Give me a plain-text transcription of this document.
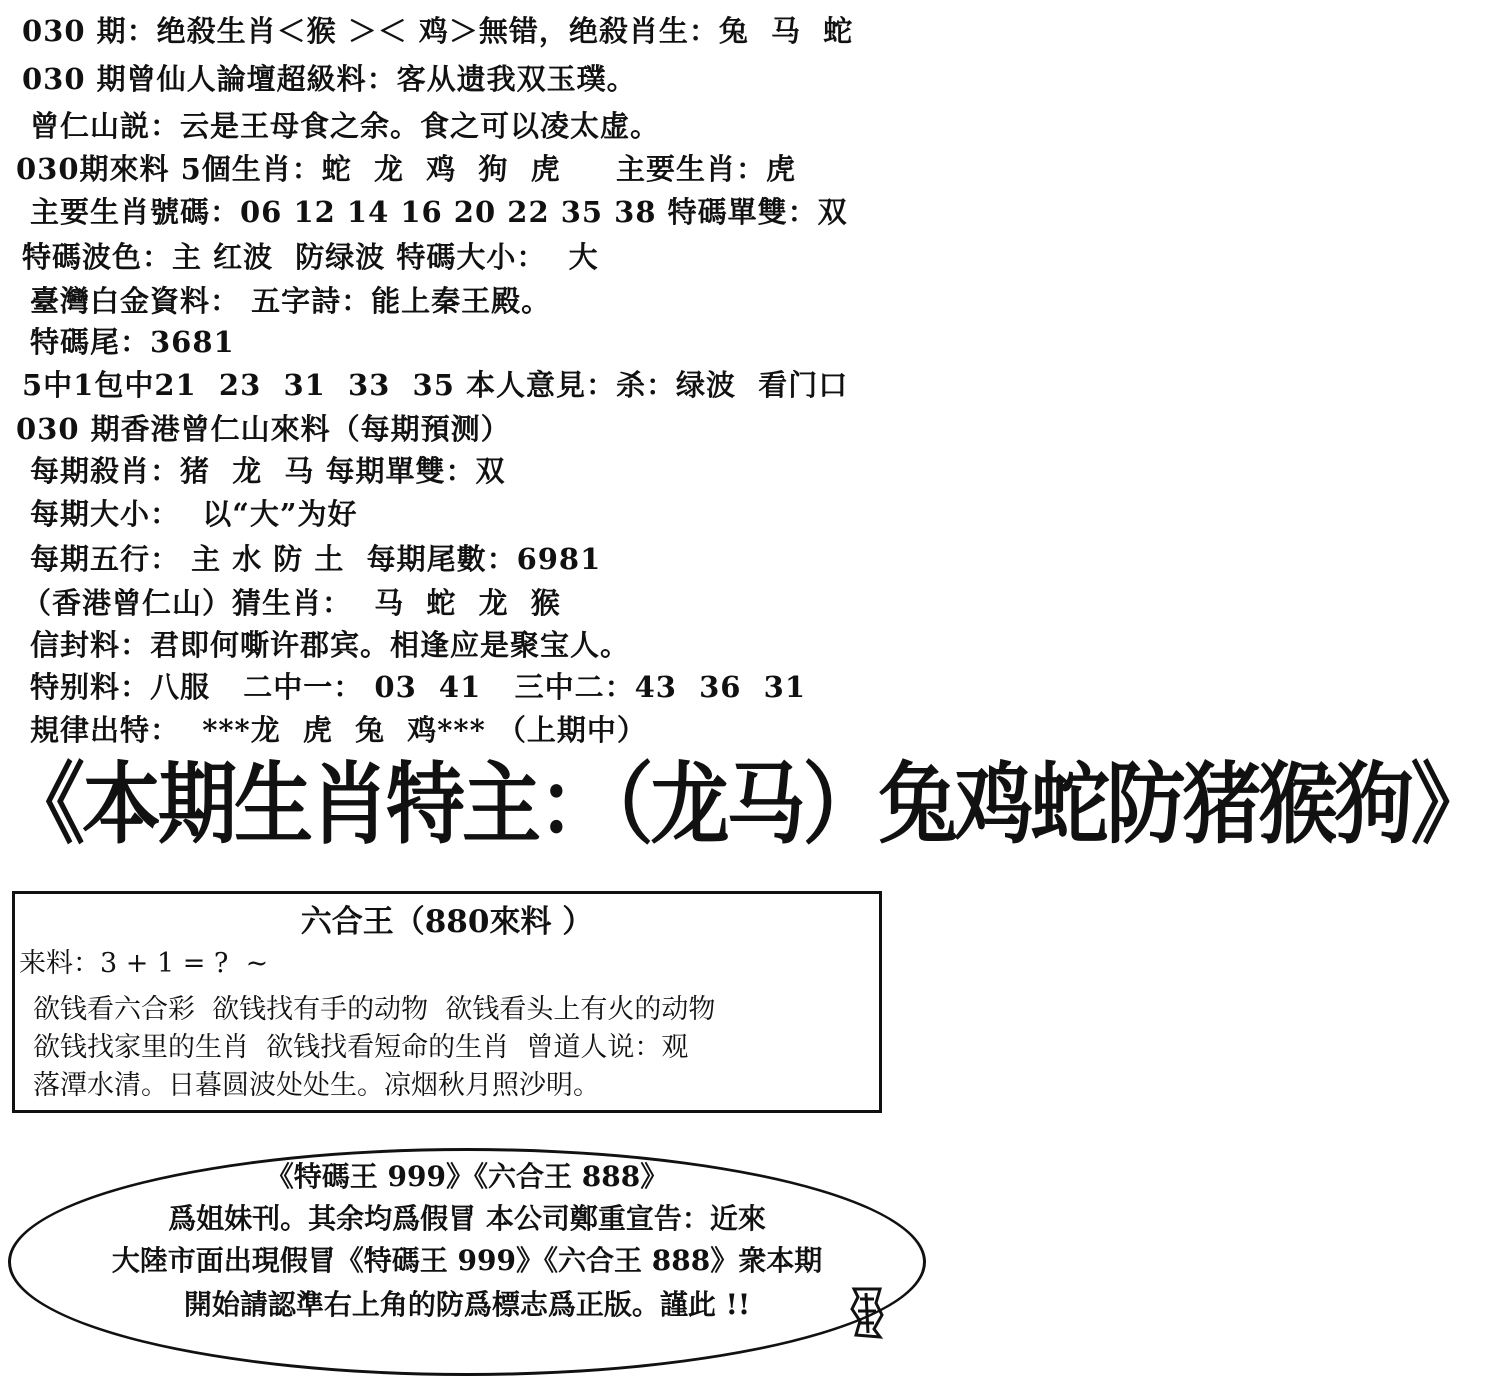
030 期：绝殺生肖＜猴 ＞＜ 鸡＞無错，绝殺肖生：兔  马  蛇
030 期曾仙人論壇超級料：客从遗我双玉璞。
曾仁山説：云是王母食之余。食之可以凌太虚。
030期來料 5個生肖：蛇  龙  鸡  狗  虎     主要生肖：虎
主要生肖號碼：06 12 14 16 20 22 35 38 特碼單雙：双
特碼波色：主 红波  防绿波 特碼大小：  大
臺灣白金資料： 五字詩：能上秦王殿。
特碼尾：3681
5中1包中21  23  31  33  35 本人意見：杀：绿波  看门口
030 期香港曾仁山來料（每期預测）
每期殺肖：猪  龙  马 每期單雙：双
每期大小：  以“大”为好
每期五行： 主 水 防 土  每期尾數：6981
（香港曾仁山）猜生肖：  马  蛇  龙  猴
信封料：君即何嘶许郡宾。相逢应是聚宝人。
特别料：八服   二中一： 03  41   三中二：43  36  31
規律出特：  ***龙  虎  兔  鸡*** （上期中）
《本期生肖特主：（龙马）兔鸡蛇防猪猴狗》
六合王（880來料 ）
来料：3 + 1 = ?  ~
欲钱看六合彩  欲钱找有手的动物  欲钱看头上有火的动物
欲钱找家里的生肖  欲钱找看短命的生肖  曾道人说：观
落潭水清。日暮圆波处处生。凉烟秋月照沙明。
《特碼王 999》《六合王 888》
爲姐妹刊。其余均爲假冒 本公司鄭重宣告：近來
大陸市面出現假冒《特碼王 999》《六合王 888》衆本期
開始請認準右上角的防爲標志爲正版。謹此 !!
